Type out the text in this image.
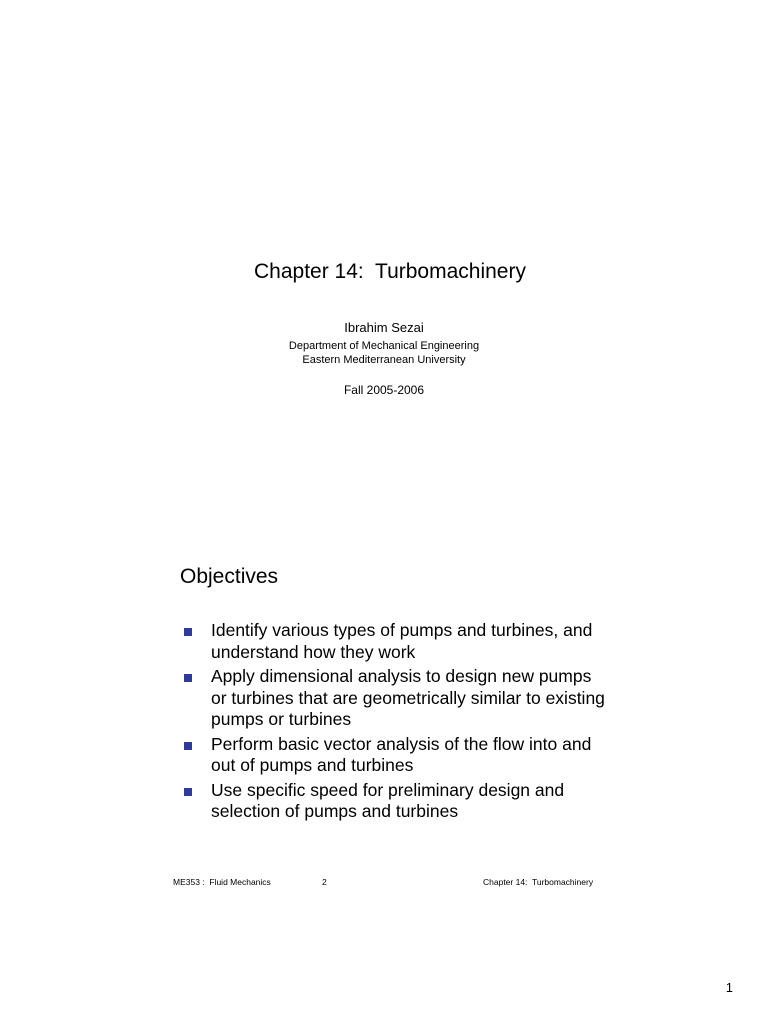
Chapter 14:  Turbomachinery
Ibrahim Sezai
Department of Mechanical Engineering
Eastern Mediterranean University
Fall 2005-2006
Objectives
Identify various types of pumps and turbines, and understand how they work
Apply dimensional analysis to design new pumps or turbines that are geometrically similar to existing pumps or turbines
Perform basic vector analysis of the flow into and out of pumps and turbines
Use specific speed for preliminary design and selection of pumps and turbines
ME353 :  Fluid Mechanics	2	Chapter 14:  Turbomachinery
1
